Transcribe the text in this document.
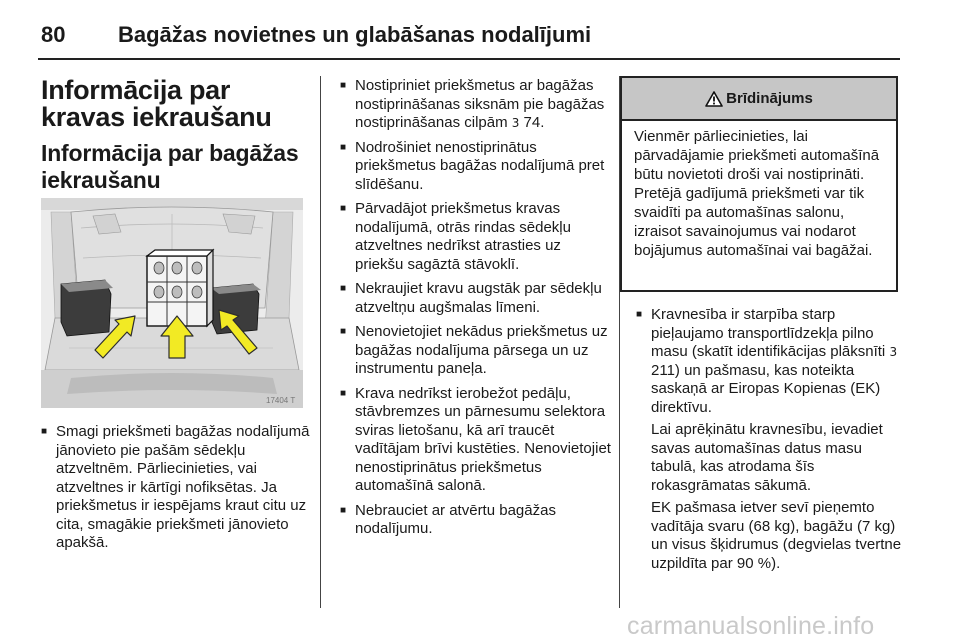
80 Bagāžas novietnes un glabāšanas nodalījumi
Informācija par kravas iekraušanu
Informācija par bagāžas iekraušanu
17404 T
■ Smagi priekšmeti bagāžas nodalījumā jānovieto pie pašām sēdekļu atzveltnēm. Pārliecinieties, vai atzveltnes ir kārtīgi nofiksētas. Ja priekšmetus ir iespējams kraut citu uz cita, smagākie priekšmeti jānovieto apakšā.
■ Nostipriniet priekšmetus ar bagāžas nostiprināšanas siksnām pie bagāžas nostiprināšanas cilpām 3 74.
■ Nodrošiniet nenostiprinātus priekšmetus bagāžas nodalījumā pret slīdēšanu.
■ Pārvadājot priekšmetus kravas nodalījumā, otrās rindas sēdekļu atzveltnes nedrīkst atrasties uz priekšu sagāztā stāvoklī.
■ Nekraujiet kravu augstāk par sēdekļu atzveltņu augšmalas līmeni.
■ Nenovietojiet nekādus priekšmetus uz bagāžas nodalījuma pārsega un uz instrumentu paneļa.
■ Krava nedrīkst ierobežot pedāļu, stāvbremzes un pārnesumu selektora sviras lietošanu, kā arī traucēt vadītājam brīvi kustēties. Nenovietojiet nenostiprinātus priekšmetus automašīnā salonā.
■ Nebrauciet ar atvērtu bagāžas nodalījumu.
Brīdinājums
Vienmēr pārliecinieties, lai pārvadājamie priekšmeti automašīnā būtu novietoti droši vai nostiprināti. Pretējā gadījumā priekšmeti var tik svaidīti pa automašīnas salonu, izraisot savainojumus vai nodarot bojājumus automašīnai vai bagāžai.
■ Kravnesība ir starpība starp pieļaujamo transportlīdzekļa pilno masu (skatīt identifikācijas plāksnīti 3 211) un pašmasu, kas noteikta saskaņā ar Eiropas Kopienas (EK) direktīvu.
Lai aprēķinātu kravnesību, ievadiet savas automašīnas datus masu tabulā, kas atrodama šīs rokasgrāmatas sākumā.
EK pašmasa ietver sevī pieņemto vadītāja svaru (68 kg), bagāžu (7 kg) un visus šķidrumus (degvielas tvertne uzpildīta par 90 %).
carmanualsonline.info
